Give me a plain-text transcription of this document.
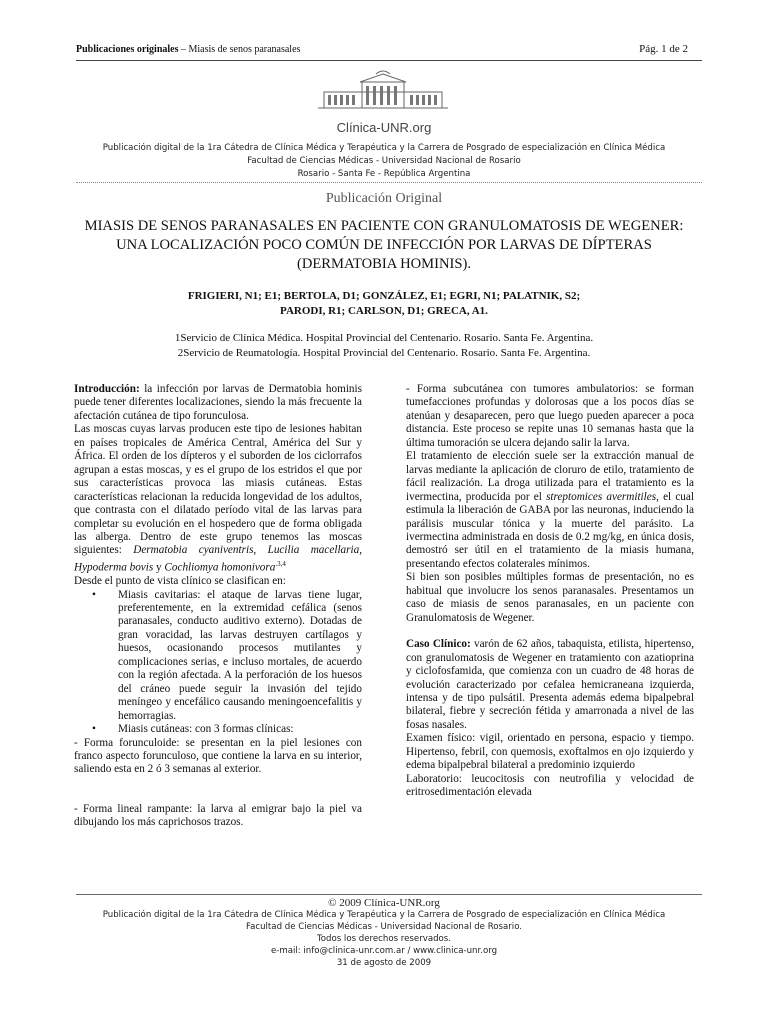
Publicaciones originales – Miasis de senos paranasales	Pág. 1 de 2
Clínica-UNR.org
Publicación digital de la 1ra Cátedra de Clínica Médica y Terapéutica y la Carrera de Posgrado de especialización en Clínica Médica
Facultad de Ciencias Médicas - Universidad Nacional de Rosario
Rosario - Santa Fe - República Argentina
Publicación Original
MIASIS DE SENOS PARANASALES EN PACIENTE CON GRANULOMATOSIS DE WEGENER: UNA LOCALIZACIÓN POCO COMÚN DE INFECCIÓN POR LARVAS DE DÍPTERAS (DERMATOBIA HOMINIS).
FRIGIERI, N1; E1; BERTOLA, D1; GONZÁLEZ, E1; EGRI, N1; PALATNIK, S2;
PARODI, R1; CARLSON, D1; GRECA, A1.
1Servicio de Clínica Médica. Hospital Provincial del Centenario. Rosario. Santa Fe. Argentina.
2Servicio de Reumatología. Hospital Provincial del Centenario. Rosario. Santa Fe. Argentina.

Introducción: la infección por larvas de Dermatobia hominis puede tener diferentes localizaciones, siendo la más frecuente la afectación cutánea de tipo forunculosa.

Las moscas cuyas larvas producen este tipo de lesiones habitan en países tropicales de América Central, América del Sur y África. El orden de los dípteros y el suborden de los ciclorrafos agrupan a estas moscas, y es el grupo de los estridos el que por sus características provoca las miasis cutáneas. Estas características relacionan la reducida longevidad de los adultos, que contrasta con el dilatado período vital de las larvas para completar su evolución en el hospedero que de forma obligada las alberga. Dentro de este grupo tenemos las moscas siguientes: Dermatobia cyaniventris, Lucilia macellaria, Hypoderma bovis y Cochliomya homonivora$^{.3,4}$

Desde el punto de vista clínico se clasifican en:

• Miasis cavitarias: el ataque de larvas tiene lugar, preferentemente, en la extremidad cefálica (senos paranasales, conducto auditivo externo). Dotadas de gran voracidad, las larvas destruyen cartílagos y huesos, ocasionando procesos mutilantes y complicaciones serias, e incluso mortales, de acuerdo con la región afectada. A la perforación de los huesos del cráneo puede seguir la invasión del tejido meníngeo y encefálico causando meningoencefalitis y hemorragias.
• Miasis cutáneas: con 3 formas clínicas:

- Forma forunculoide: se presentan en la piel lesiones con franco aspecto forunculoso, que contiene la larva en su interior, saliendo esta en 2 ó 3 semanas al exterior.

- Forma lineal rampante: la larva al emigrar bajo la piel va dibujando los más caprichosos trazos.

- Forma subcutánea con tumores ambulatorios: se forman tumefacciones profundas y dolorosas que a los pocos días se atenúan y desaparecen, pero que luego pueden aparecer a poca distancia. Este proceso se repite unas 10 semanas hasta que la última tumoración se ulcera dejando salir la larva.

El tratamiento de elección suele ser la extracción manual de larvas mediante la aplicación de cloruro de etilo, tratamiento de fácil realización. La droga utilizada para el tratamiento es la ivermectina, producida por el streptomices avermitiles, el cual estimula la liberación de GABA por las neuronas, induciendo la parálisis muscular tónica y la muerte del parásito. La ivermectina administrada en dosis de 0.2 mg/kg, en única dosis, demostró ser útil en el tratamiento de la miasis humana, presentando efectos colaterales mínimos.

Si bien son posibles múltiples formas de presentación, no es habitual que involucre los senos paranasales. Presentamos un caso de miasis de senos paranasales, en un paciente con Granulomatosis de Wegener.

Caso Clínico: varón de 62 años, tabaquista, etilista, hipertenso, con granulomatosis de Wegener en tratamiento con azatioprina y ciclofosfamida, que comienza con un cuadro de 48 horas de evolución caracterizado por cefalea hemicraneana izquierda, intensa y de tipo pulsátil. Presenta además edema bipalpebral bilateral, fiebre y secreción fétida y amarronada a nivel de las fosas nasales.

Examen físico: vigil, orientado en persona, espacio y tiempo. Hipertenso, febril, con quemosis, exoftalmos en ojo izquierdo y edema bipalpebral bilateral a predominio izquierdo

Laboratorio: leucocitosis con neutrofilia y velocidad de eritrosedimentación elevada

© 2009 Clínica-UNR.org
Publicación digital de la 1ra Cátedra de Clínica Médica y Terapéutica y la Carrera de Posgrado de especialización en Clínica Médica
Facultad de Ciencias Médicas - Universidad Nacional de Rosario.
Todos los derechos reservados.
e-mail: info@clinica-unr.com.ar / www.clinica-unr.org
31 de agosto de 2009
